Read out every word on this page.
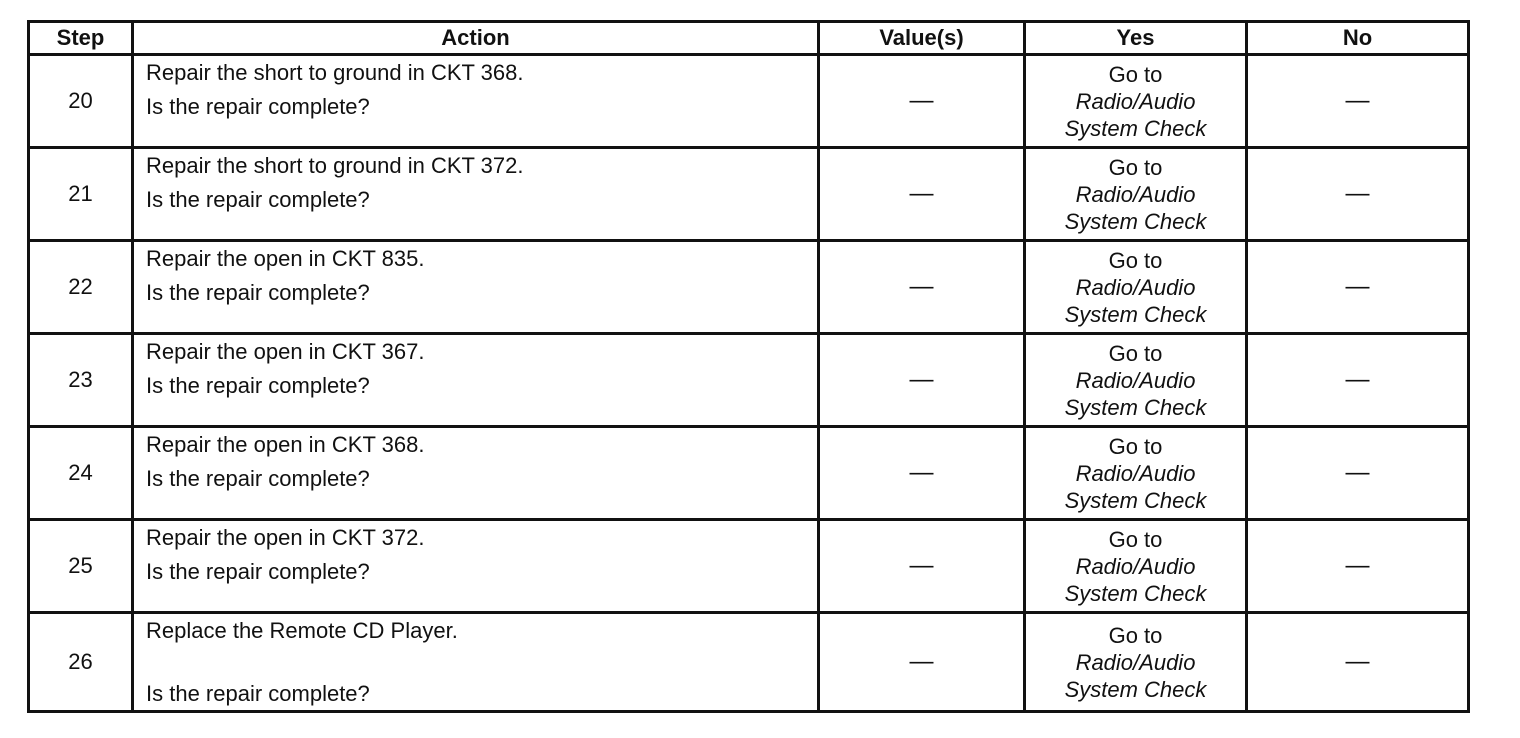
Step	Action	Value(s)	Yes	No
20	Repair the short to ground in CKT 368.
Is the repair complete?	—	Go to
Radio/Audio
System Check	—
21	Repair the short to ground in CKT 372.
Is the repair complete?	—	Go to
Radio/Audio
System Check	—
22	Repair the open in CKT 835.
Is the repair complete?	—	Go to
Radio/Audio
System Check	—
23	Repair the open in CKT 367.
Is the repair complete?	—	Go to
Radio/Audio
System Check	—
24	Repair the open in CKT 368.
Is the repair complete?	—	Go to
Radio/Audio
System Check	—
25	Repair the open in CKT 372.
Is the repair complete?	—	Go to
Radio/Audio
System Check	—
26	Replace the Remote CD Player.
Is the repair complete?	—	Go to
Radio/Audio
System Check	—
